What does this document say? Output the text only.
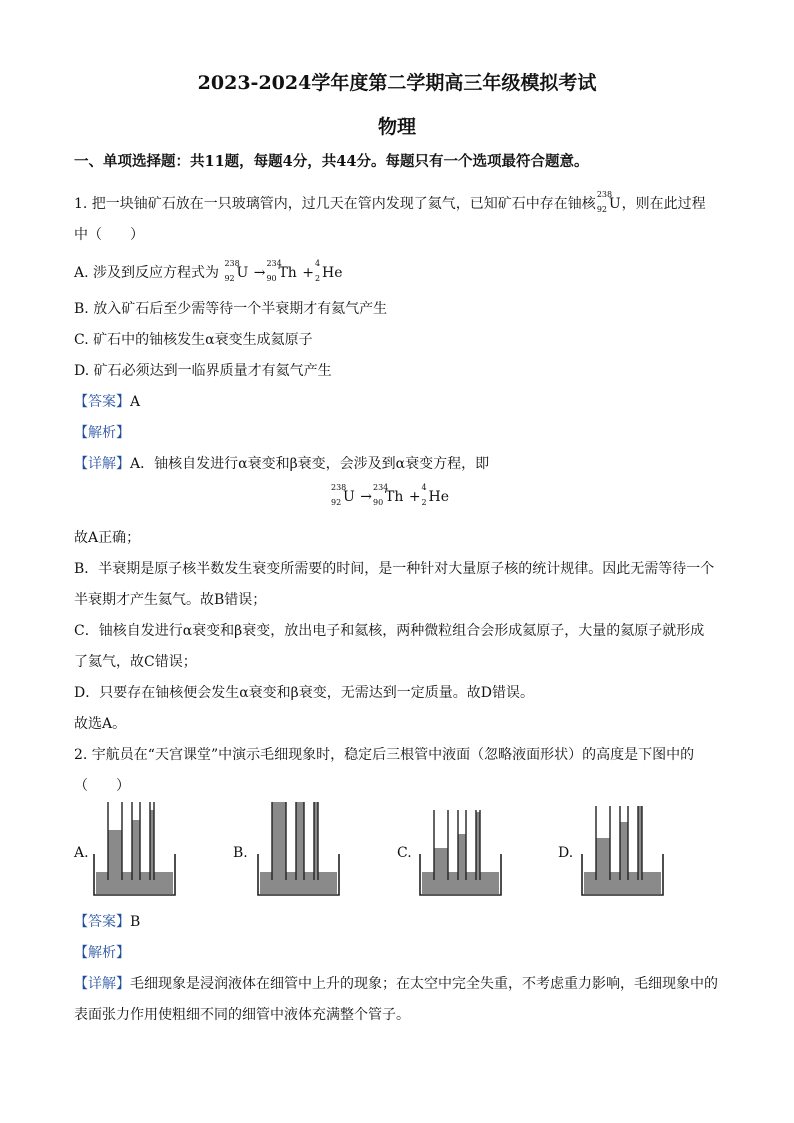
2023-2024学年度第二学期高三年级模拟考试
物理
一、单项选择题：共11题，每题4分，共44分。每题只有一个选项最符合题意。
1. 把一块铀矿石放在一只玻璃管内，过几天在管内发现了氦气，已知矿石中存在铀核
238
92 U，则在此过程
中（　　）
A. 涉及到反应方程式为
238
92 U →
234
90 Th +
4
2 He
B. 放入矿石后至少需等待一个半衰期才有氦气产生
C. 矿石中的铀核发生α衰变生成氦原子
D. 矿石必须达到一临界质量才有氦气产生
【答案】A
【解析】
【详解】A．铀核自发进行α衰变和β衰变，会涉及到α衰变方程，即
238
92 U →
234
90 Th +
4
2 He
故A正确；
B．半衰期是原子核半数发生衰变所需要的时间，是一种针对大量原子核的统计规律。因此无需等待一个
半衰期才产生氦气。故B错误；
C．铀核自发进行α衰变和β衰变，放出电子和氦核，两种微粒组合会形成氦原子，大量的氦原子就形成
了氦气，故C错误；
D．只要存在铀核便会发生α衰变和β衰变，无需达到一定质量。故D错误。
故选A。
2. 宇航员在“天宫课堂”中演示毛细现象时，稳定后三根管中液面（忽略液面形状）的高度是下图中的
（　　）
A.	B.	C.	D.
【答案】B
【解析】
【详解】毛细现象是浸润液体在细管中上升的现象；在太空中完全失重，不考虑重力影响，毛细现象中的
表面张力作用使粗细不同的细管中液体充满整个管子。
